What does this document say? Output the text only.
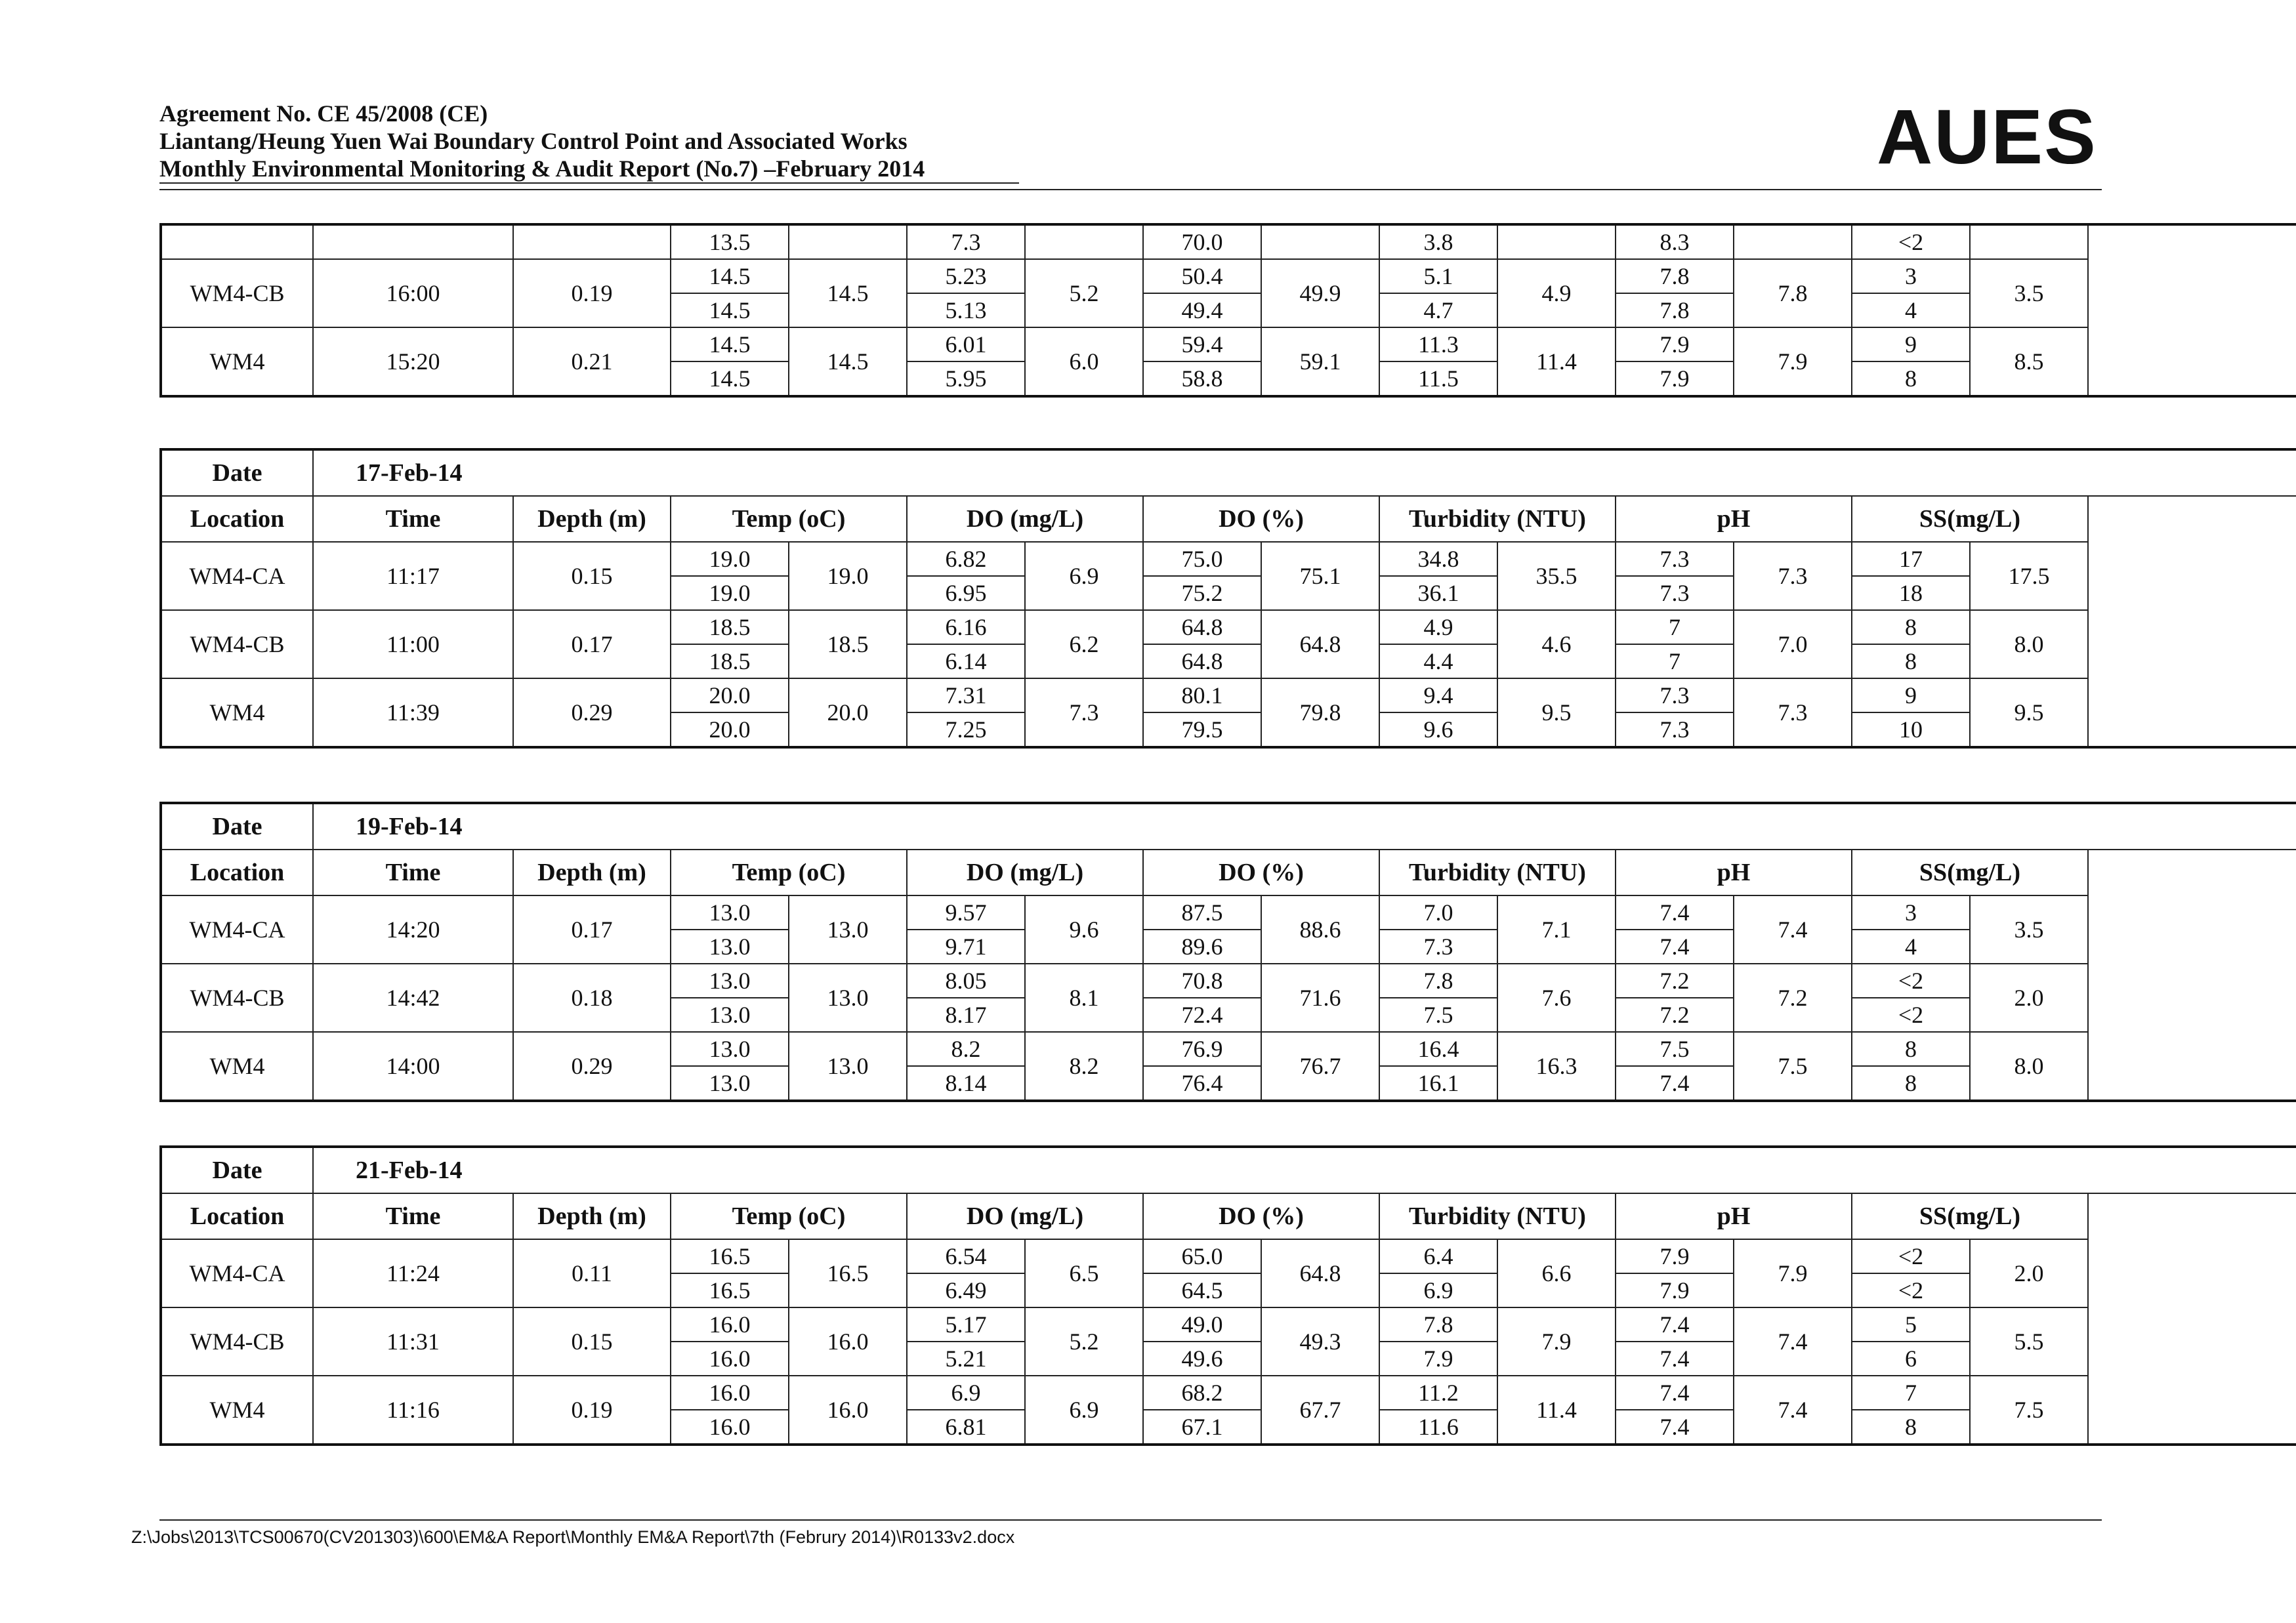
Agreement No. CE 45/2008 (CE)
Liantang/Heung Yuen Wai Boundary Control Point and Associated Works
Monthly Environmental Monitoring & Audit Report (No.7) –February 2014	AUES
			13.5		7.3		70.0		3.8		8.3		<2	
WM4-CB	16:00	0.19	14.5	14.5	5.23	5.2	50.4	49.9	5.1	4.9	7.8	7.8	3	3.5
			14.5		5.13		49.4		4.7		7.8		4	
WM4	15:20	0.21	14.5	14.5	6.01	6.0	59.4	59.1	11.3	11.4	7.9	7.9	9	8.5
			14.5		5.95		58.8		11.5		7.9		8	
Date	17-Feb-14													
Location	Time	Depth (m)	Temp (oC)		DO (mg/L)		DO (%)		Turbidity (NTU)		pH		SS(mg/L)	
WM4-CA	11:17	0.15	19.0	19.0	6.82	6.9	75.0	75.1	34.8	35.5	7.3	7.3	17	17.5
			19.0		6.95		75.2		36.1		7.3		18	
WM4-CB	11:00	0.17	18.5	18.5	6.16	6.2	64.8	64.8	4.9	4.6	7	7.0	8	8.0
			18.5		6.14		64.8		4.4		7		8	
WM4	11:39	0.29	20.0	20.0	7.31	7.3	80.1	79.8	9.4	9.5	7.3	7.3	9	9.5
			20.0		7.25		79.5		9.6		7.3		10	
Date	19-Feb-14													
Location	Time	Depth (m)	Temp (oC)		DO (mg/L)		DO (%)		Turbidity (NTU)		pH		SS(mg/L)	
WM4-CA	14:20	0.17	13.0	13.0	9.57	9.6	87.5	88.6	7.0	7.1	7.4	7.4	3	3.5
			13.0		9.71		89.6		7.3		7.4		4	
WM4-CB	14:42	0.18	13.0	13.0	8.05	8.1	70.8	71.6	7.8	7.6	7.2	7.2	<2	2.0
			13.0		8.17		72.4		7.5		7.2		<2	
WM4	14:00	0.29	13.0	13.0	8.2	8.2	76.9	76.7	16.4	16.3	7.5	7.5	8	8.0
			13.0		8.14		76.4		16.1		7.4		8	
Date	21-Feb-14													
Location	Time	Depth (m)	Temp (oC)		DO (mg/L)		DO (%)		Turbidity (NTU)		pH		SS(mg/L)	
WM4-CA	11:24	0.11	16.5	16.5	6.54	6.5	65.0	64.8	6.4	6.6	7.9	7.9	<2	2.0
			16.5		6.49		64.5		6.9		7.9		<2	
WM4-CB	11:31	0.15	16.0	16.0	5.17	5.2	49.0	49.3	7.8	7.9	7.4	7.4	5	5.5
			16.0		5.21		49.6		7.9		7.4		6	
WM4	11:16	0.19	16.0	16.0	6.9	6.9	68.2	67.7	11.2	11.4	7.4	7.4	7	7.5
			16.0		6.81		67.1		11.6		7.4		8	
Z:\Jobs\2013\TCS00670(CV201303)\600\EM&A Report\Monthly EM&A Report\7th (Februry 2014)\R0133v2.docx
